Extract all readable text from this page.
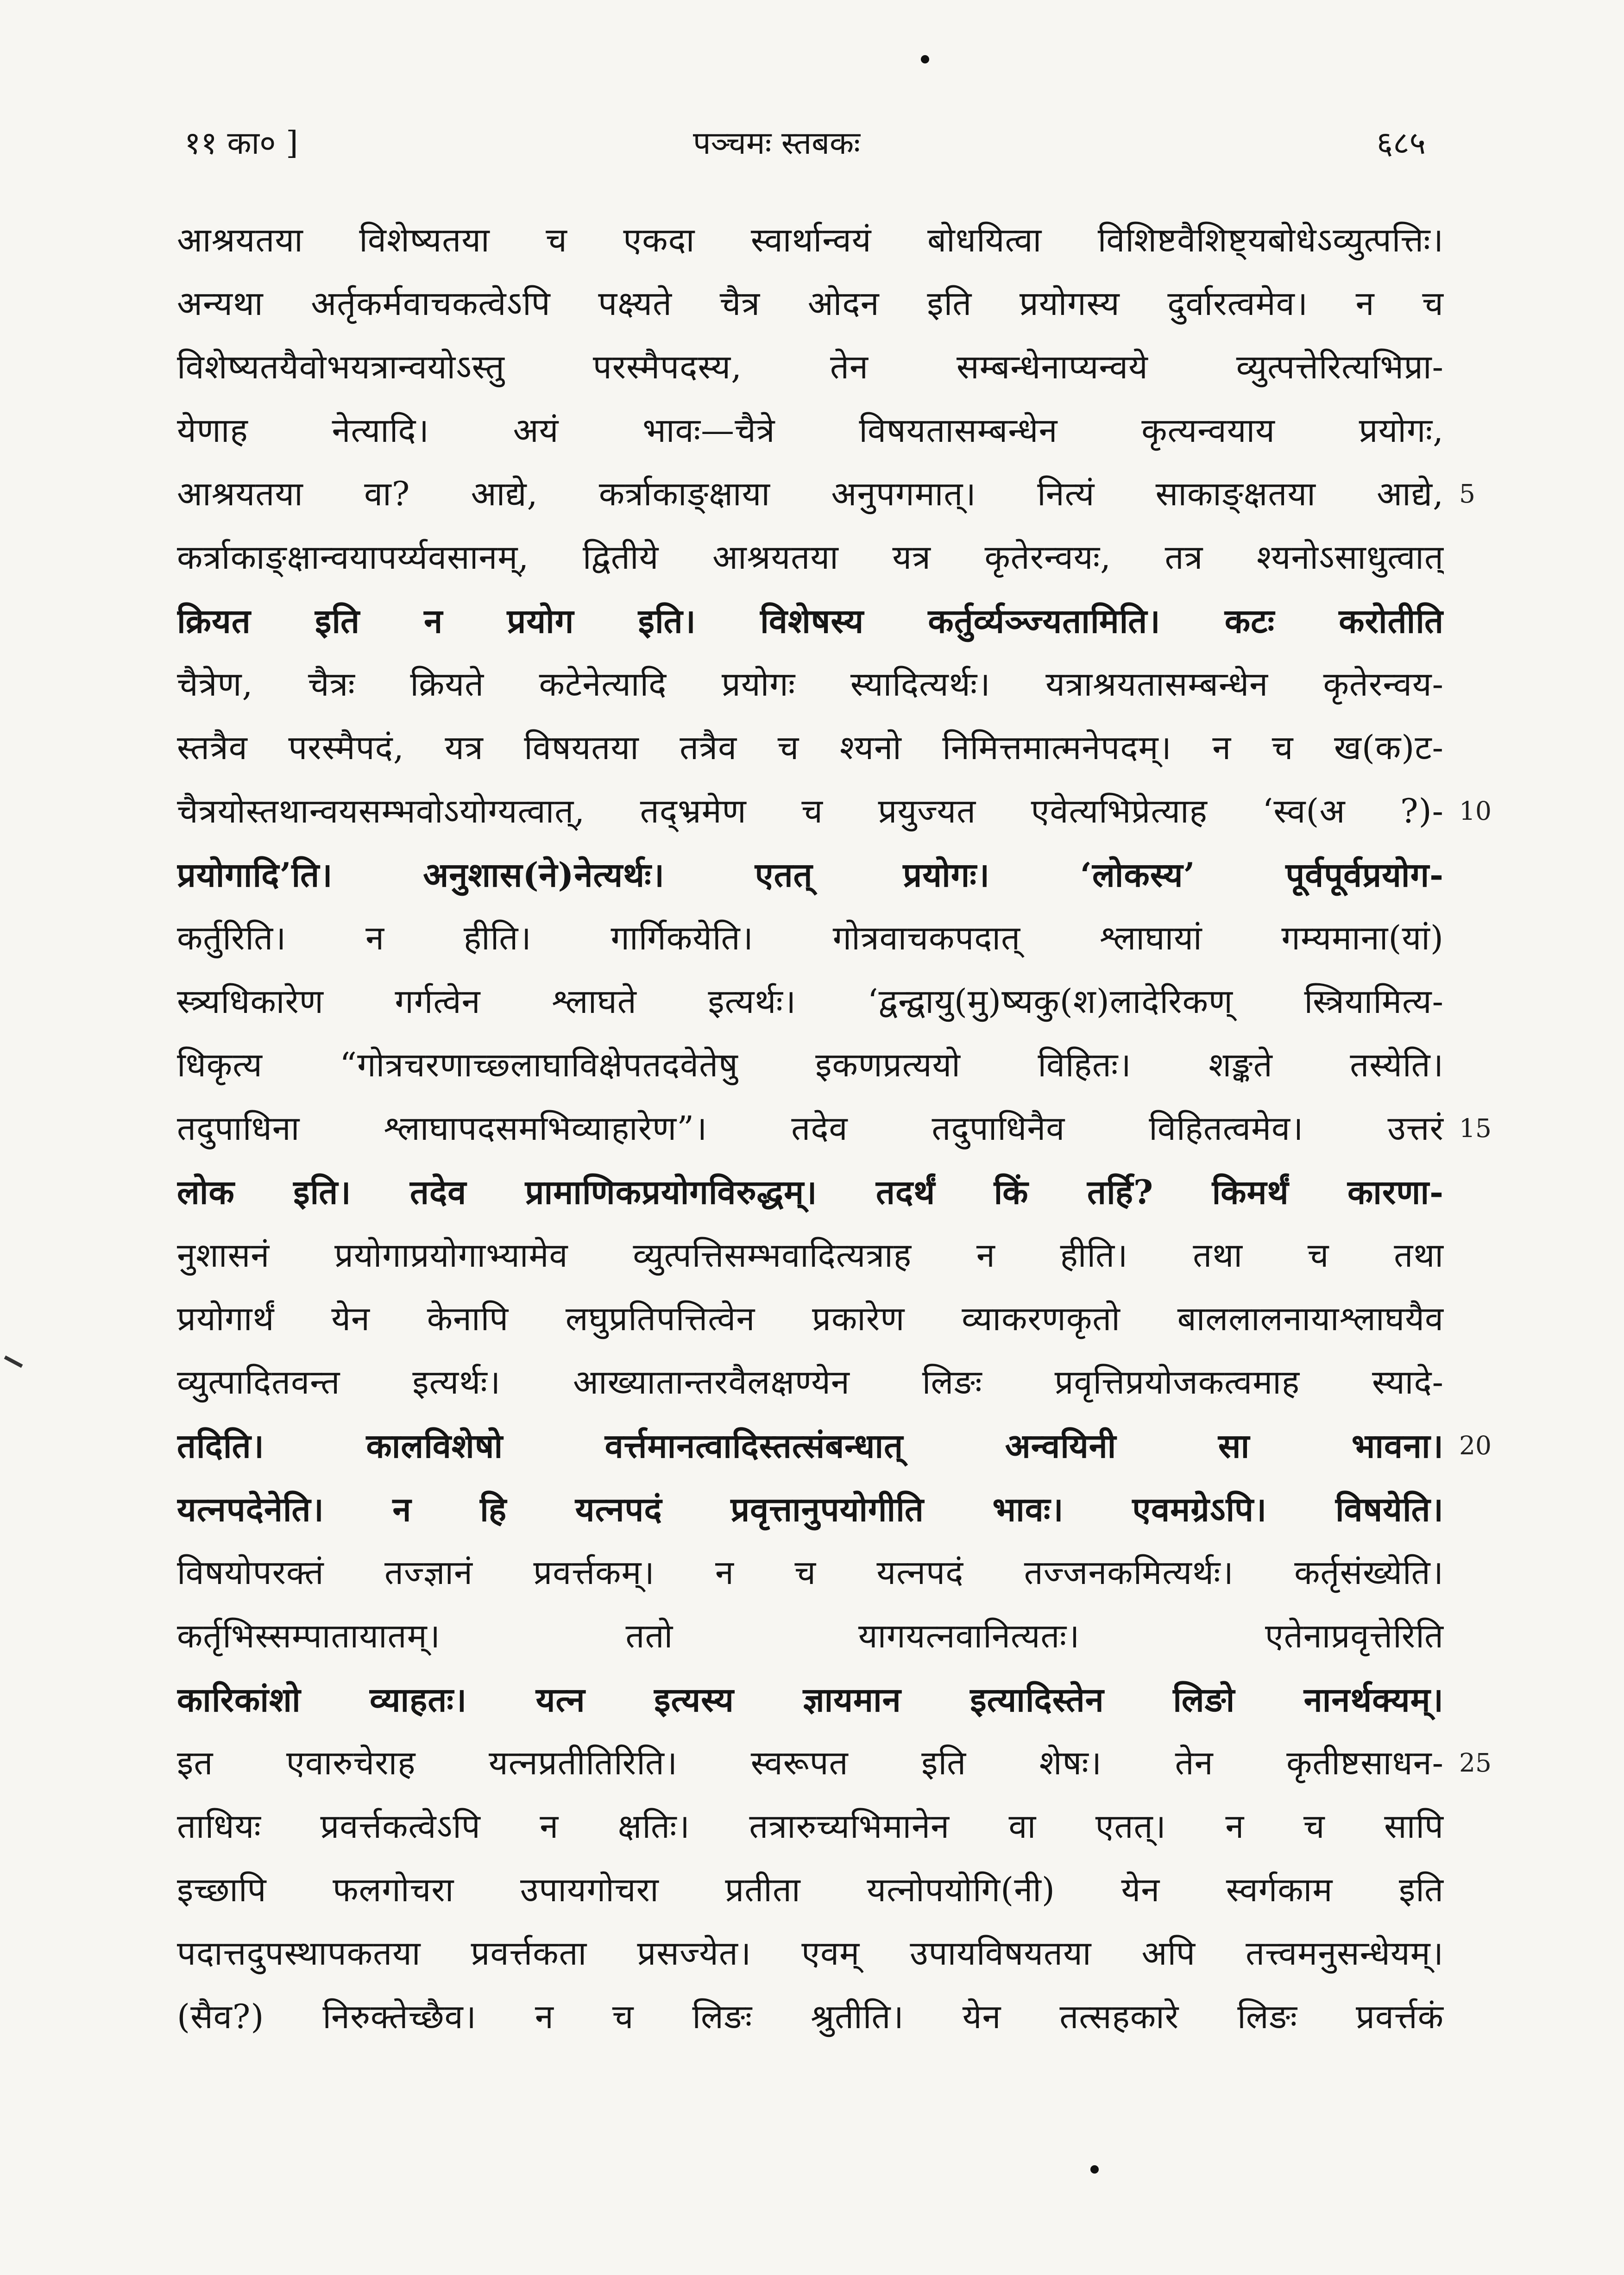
११ का० ]	पञ्चमः स्तबकः	६८५
आश्रयतया विशेष्यतया च एकदा स्वार्थान्वयं बोधयित्वा विशिष्टवैशिष्ट्यबोधेऽव्युत्पत्तिः।
अन्यथा अर्तृकर्मवाचकत्वेऽपि पक्ष्यते चैत्र ओदन इति प्रयोगस्य दुर्वारत्वमेव। न च
विशेष्यतयैवोभयत्रान्वयोऽस्तु परस्मैपदस्य, तेन सम्बन्धेनाप्यन्वये व्युत्पत्तेरित्यभिप्रा-
येणाह नेत्यादि। अयं भावः—चैत्रे विषयतासम्बन्धेन कृत्यन्वयाय प्रयोगः,
आश्रयतया वा? आद्ये, कर्त्राकाङ्क्षाया अनुपगमात्। नित्यं साकाङ्क्षतया आद्ये,
कर्त्राकाङ्क्षान्वयापर्य्यवसानम्, द्वितीये आश्रयतया यत्र कृतेरन्वयः, तत्र श्यनोऽसाधुत्वात्
क्रियत इति न प्रयोग इति। विशेषस्य कर्तुर्व्यञ्ज्यतामिति। कटः करोतीति
चैत्रेण, चैत्रः क्रियते कटेनेत्यादि प्रयोगः स्यादित्यर्थः। यत्राश्रयतासम्बन्धेन कृतेरन्वय-
स्तत्रैव परस्मैपदं, यत्र विषयतया तत्रैव च श्यनो निमित्तमात्मनेपदम्। न च ख(क)ट-
चैत्रयोस्तथान्वयसम्भवोऽयोग्यत्वात्, तद्भ्रमेण च प्रयुज्यत एवेत्यभिप्रेत्याह ‘स्व(अ ?)-
प्रयोगादि’ति। अनुशास(ने)नेत्यर्थः। एतत् प्रयोगः। ‘लोकस्य’ पूर्वपूर्वप्रयोग-
कर्तुरिति। न हीति। गार्गिकयेति। गोत्रवाचकपदात् श्लाघायां गम्यमाना(यां)
स्त्र्यधिकारेण गर्गत्वेन श्लाघते इत्यर्थः। ‘द्वन्द्वायु(मु)ष्यकु(श)लादेरिकण् स्त्रियामित्य-
धिकृत्य “गोत्रचरणाच्छ्लाघाविक्षेपतदवेतेषु इकणप्रत्ययो विहितः। शङ्कते तस्येति।
तदुपाधिना श्लाघापदसमभिव्याहारेण”। तदेव तदुपाधिनैव विहितत्वमेव। उत्तरं
लोक इति। तदेव प्रामाणिकप्रयोगविरुद्धम्। तदर्थं किं तर्हि? किमर्थं कारणा-
नुशासनं प्रयोगाप्रयोगाभ्यामेव व्युत्पत्तिसम्भवादित्यत्राह न हीति। तथा च तथा
प्रयोगार्थं येन केनापि लघुप्रतिपत्तित्वेन प्रकारेण व्याकरणकृतो बाललालनायाश्लाघयैव
व्युत्पादितवन्त इत्यर्थः। आख्यातान्तरवैलक्षण्येन लिङः प्रवृत्तिप्रयोजकत्वमाह स्यादे-
तदिति। कालविशेषो वर्त्तमानत्वादिस्तत्संबन्धात् अन्वयिनी सा भावना।
यत्नपदेनेति। न हि यत्नपदं प्रवृत्तानुपयोगीति भावः। एवमग्रेऽपि। विषयेति।
विषयोपरक्तं तज्ज्ञानं प्रवर्त्तकम्। न च यत्नपदं तज्जनकमित्यर्थः। कर्तृसंख्येति।
कर्तृभिस्सम्पातायातम्। ततो यागयत्नवानित्यतः। एतेनाप्रवृत्तेरिति
कारिकांशो व्याहतः। यत्न इत्यस्य ज्ञायमान इत्यादिस्तेन लिङो नानर्थक्यम्।
इत एवारुचेराह यत्नप्रतीतिरिति। स्वरूपत इति शेषः। तेन कृतीष्टसाधन-
ताधियः प्रवर्त्तकत्वेऽपि न क्षतिः। तत्रारुच्यभिमानेन वा एतत्। न च सापि
इच्छापि फलगोचरा उपायगोचरा प्रतीता यत्नोपयोगि(नी) येन स्वर्गकाम इति
पदात्तदुपस्थापकतया प्रवर्त्तकता प्रसज्येत। एवम् उपायविषयतया अपि तत्त्वमनुसन्धेयम्।
(सैव?) निरुक्तेच्छैव। न च लिङः श्रुतीति। येन तत्सहकारे लिङः प्रवर्त्तकं
5
10
15
20
25
